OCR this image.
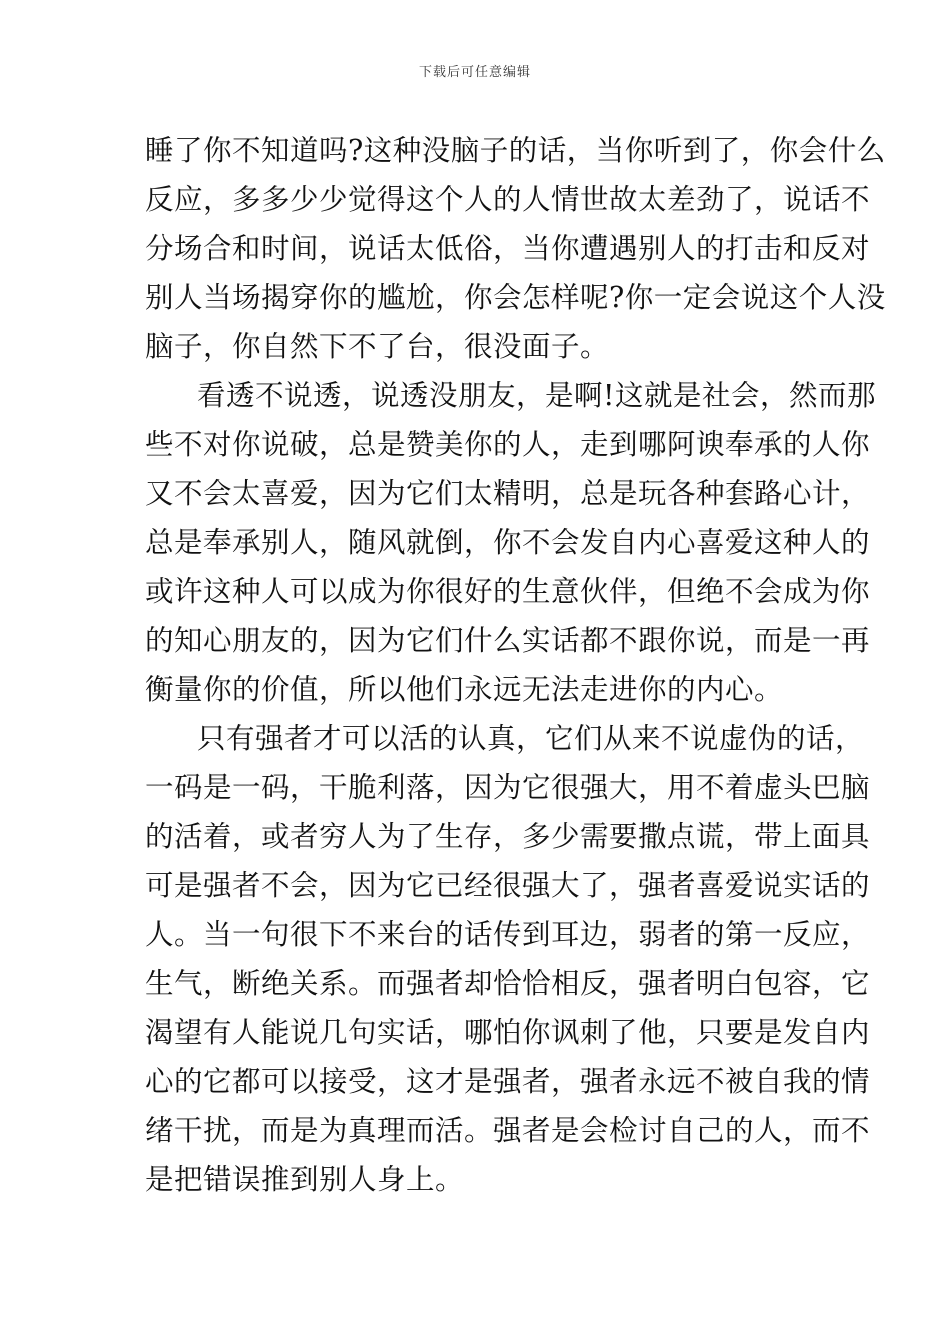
下载后可任意编辑
睡了你不知道吗?这种没脑子的话，当你听到了，你会什么
反应，多多少少觉得这个人的人情世故太差劲了，说话不
分场合和时间，说话太低俗，当你遭遇别人的打击和反对
别人当场揭穿你的尴尬，你会怎样呢?你一定会说这个人没
脑子，你自然下不了台，很没面子。
看透不说透，说透没朋友，是啊!这就是社会，然而那
些不对你说破，总是赞美你的人，走到哪阿谀奉承的人你
又不会太喜爱，因为它们太精明，总是玩各种套路心计，
总是奉承别人，随风就倒，你不会发自内心喜爱这种人的
或许这种人可以成为你很好的生意伙伴，但绝不会成为你
的知心朋友的，因为它们什么实话都不跟你说，而是一再
衡量你的价值，所以他们永远无法走进你的内心。
只有强者才可以活的认真，它们从来不说虚伪的话，
一码是一码，干脆利落，因为它很强大，用不着虚头巴脑
的活着，或者穷人为了生存，多少需要撒点谎，带上面具
可是强者不会，因为它已经很强大了，强者喜爱说实话的
人。当一句很下不来台的话传到耳边，弱者的第一反应，
生气，断绝关系。而强者却恰恰相反，强者明白包容，它
渴望有人能说几句实话，哪怕你讽刺了他，只要是发自内
心的它都可以接受，这才是强者，强者永远不被自我的情
绪干扰，而是为真理而活。强者是会检讨自己的人，而不
是把错误推到别人身上。
